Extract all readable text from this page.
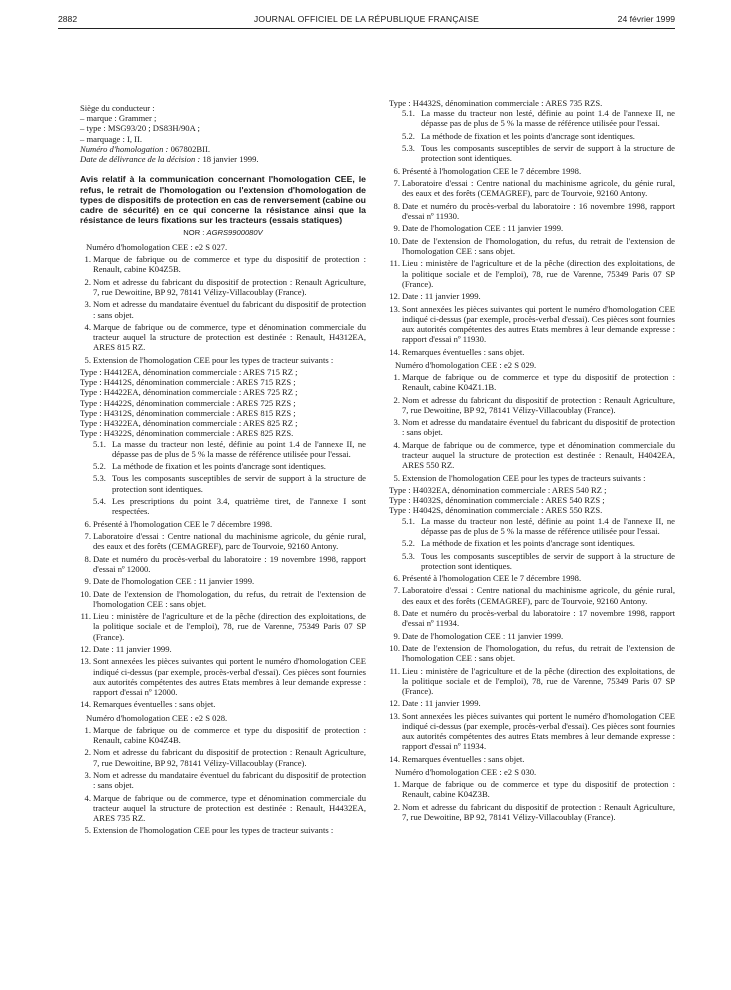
2882	JOURNAL OFFICIEL DE LA RÉPUBLIQUE FRANÇAISE	24 février 1999

Siège du conducteur :

– marque : Grammer ;

– type : MSG93/20 ; DS83H/90A ;

– marquage : I, II.

Numéro d'homologation : 067802BII.

Date de délivrance de la décision : 18 janvier 1999.

Avis relatif à la communication concernant l'homologation CEE, le refus, le retrait de l'homologation ou l'extension d'homologation de types de dispositifs de protection en cas de renversement (cabine ou cadre de sécurité) en ce qui concerne la résistance ainsi que la résistance de leurs fixations sur les tracteurs (essais statiques)

NOR : AGRS9900080V

Numéro d'homologation CEE : e2 S 027.

1. Marque de fabrique ou de commerce et type du dispositif de protection : Renault, cabine K04Z5B.

2. Nom et adresse du fabricant du dispositif de protection : Renault Agriculture, 7, rue Dewoitine, BP 92, 78141 Vélizy-Villacoublay (France).

3. Nom et adresse du mandataire éventuel du fabricant du dispositif de protection : sans objet.

4. Marque de fabrique ou de commerce, type et dénomination commerciale du tracteur auquel la structure de protection est destinée : Renault, H4312EA, ARES 815 RZ.

5. Extension de l'homologation CEE pour les types de tracteur suivants :

Type : H4412EA, dénomination commerciale : ARES 715 RZ ;

Type : H4412S, dénomination commerciale : ARES 715 RZS ;

Type : H4422EA, dénomination commerciale : ARES 725 RZ ;

Type : H4422S, dénomination commerciale : ARES 725 RZS ;

Type : H4312S, dénomination commerciale : ARES 815 RZS ;

Type : H4322EA, dénomination commerciale : ARES 825 RZ ;

Type : H4322S, dénomination commerciale : ARES 825 RZS.

5.1. La masse du tracteur non lesté, définie au point 1.4 de l'annexe II, ne dépasse pas de plus de 5 % la masse de référence utilisée pour l'essai.

5.2. La méthode de fixation et les points d'ancrage sont identiques.

5.3. Tous les composants susceptibles de servir de support à la structure de protection sont identiques.

5.4. Les prescriptions du point 3.4, quatrième tiret, de l'annexe I sont respectées.

6. Présenté à l'homologation CEE le 7 décembre 1998.

7. Laboratoire d'essai : Centre national du machinisme agricole, du génie rural, des eaux et des forêts (CEMAGREF), parc de Tourvoie, 92160 Antony.

8. Date et numéro du procès-verbal du laboratoire : 19 novembre 1998, rapport d'essai nº 12000.

9. Date de l'homologation CEE : 11 janvier 1999.

10. Date de l'extension de l'homologation, du refus, du retrait de l'extension de l'homologation CEE : sans objet.

11. Lieu : ministère de l'agriculture et de la pêche (direction des exploitations, de la politique sociale et de l'emploi), 78, rue de Varenne, 75349 Paris 07 SP (France).

12. Date : 11 janvier 1999.

13. Sont annexées les pièces suivantes qui portent le numéro d'homologation CEE indiqué ci-dessus (par exemple, procès-verbal d'essai). Ces pièces sont fournies aux autorités compétentes des autres Etats membres à leur demande expresse : rapport d'essai nº 12000.

14. Remarques éventuelles : sans objet.

Numéro d'homologation CEE : e2 S 028.

1. Marque de fabrique ou de commerce et type du dispositif de protection : Renault, cabine K04Z4B.

2. Nom et adresse du fabricant du dispositif de protection : Renault Agriculture, 7, rue Dewoitine, BP 92, 78141 Vélizy-Villacoublay (France).

3. Nom et adresse du mandataire éventuel du fabricant du dispositif de protection : sans objet.

4. Marque de fabrique ou de commerce, type et dénomination commerciale du tracteur auquel la structure de protection est destinée : Renault, H4432EA, ARES 735 RZ.

5. Extension de l'homologation CEE pour les types de tracteur suivants :

Type : H4432S, dénomination commerciale : ARES 735 RZS.

5.1. La masse du tracteur non lesté, définie au point 1.4 de l'annexe II, ne dépasse pas de plus de 5 % la masse de référence utilisée pour l'essai.

5.2. La méthode de fixation et les points d'ancrage sont identiques.

5.3. Tous les composants susceptibles de servir de support à la structure de protection sont identiques.

6. Présenté à l'homologation CEE le 7 décembre 1998.

7. Laboratoire d'essai : Centre national du machinisme agricole, du génie rural, des eaux et des forêts (CEMAGREF), parc de Tourvoie, 92160 Antony.

8. Date et numéro du procès-verbal du laboratoire : 16 novembre 1998, rapport d'essai nº 11930.

9. Date de l'homologation CEE : 11 janvier 1999.

10. Date de l'extension de l'homologation, du refus, du retrait de l'extension de l'homologation CEE : sans objet.

11. Lieu : ministère de l'agriculture et de la pêche (direction des exploitations, de la politique sociale et de l'emploi), 78, rue de Varenne, 75349 Paris 07 SP (France).

12. Date : 11 janvier 1999.

13. Sont annexées les pièces suivantes qui portent le numéro d'homologation CEE indiqué ci-dessus (par exemple, procès-verbal d'essai). Ces pièces sont fournies aux autorités compétentes des autres Etats membres à leur demande expresse : rapport d'essai nº 11930.

14. Remarques éventuelles : sans objet.

Numéro d'homologation CEE : e2 S 029.

1. Marque de fabrique ou de commerce et type du dispositif de protection : Renault, cabine K04Z1.1B.

2. Nom et adresse du fabricant du dispositif de protection : Renault Agriculture, 7, rue Dewoitine, BP 92, 78141 Vélizy-Villacoublay (France).

3. Nom et adresse du mandataire éventuel du fabricant du dispositif de protection : sans objet.

4. Marque de fabrique ou de commerce, type et dénomination commerciale du tracteur auquel la structure de protection est destinée : Renault, H4042EA, ARES 550 RZ.

5. Extension de l'homologation CEE pour les types de tracteurs suivants :

Type : H4032EA, dénomination commerciale : ARES 540 RZ ;

Type : H4032S, dénomination commerciale : ARES 540 RZS ;

Type : H4042S, dénomination commerciale : ARES 550 RZS.

5.1. La masse du tracteur non lesté, définie au point 1.4 de l'annexe II, ne dépasse pas de plus de 5 % la masse de référence utilisée pour l'essai.

5.2. La méthode de fixation et les points d'ancrage sont identiques.

5.3. Tous les composants susceptibles de servir de support à la structure de protection sont identiques.

6. Présenté à l'homologation CEE le 7 décembre 1998.

7. Laboratoire d'essai : Centre national du machinisme agricole, du génie rural, des eaux et des forêts (CEMAGREF), parc de Tourvoie, 92160 Antony.

8. Date et numéro du procès-verbal du laboratoire : 17 novembre 1998, rapport d'essai nº 11934.

9. Date de l'homologation CEE : 11 janvier 1999.

10. Date de l'extension de l'homologation, du refus, du retrait de l'extension de l'homologation CEE : sans objet.

11. Lieu : ministère de l'agriculture et de la pêche (direction des exploitations, de la politique sociale et de l'emploi), 78, rue de Varenne, 75349 Paris 07 SP (France).

12. Date : 11 janvier 1999.

13. Sont annexées les pièces suivantes qui portent le numéro d'homologation CEE indiqué ci-dessus (par exemple, procès-verbal d'essai). Ces pièces sont fournies aux autorités compétentes des autres Etats membres à leur demande expresse : rapport d'essai nº 11934.

14. Remarques éventuelles : sans objet.

Numéro d'homologation CEE : e2 S 030.

1. Marque de fabrique ou de commerce et type du dispositif de protection : Renault, cabine K04Z3B.

2. Nom et adresse du fabricant du dispositif de protection : Renault Agriculture, 7, rue Dewoitine, BP 92, 78141 Vélizy-Villacoublay (France).
